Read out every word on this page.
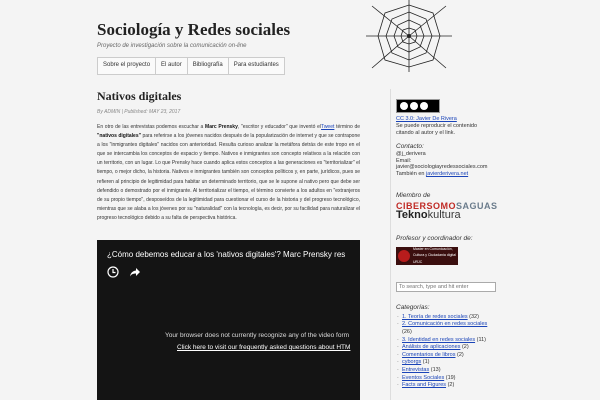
Sociología y Redes sociales
Proyecto de investigación sobre la comunicación on-line
Sobre el proyecto	El autor	Bibliografía	Para estudiantes
Nativos digitales
By ADMIN | Published: MAY 23, 2017
En otro de las entrevistas podemos escuchar a Marc Prensky, "escritor y educador" que inventó elTweet término de "nativos digitales" para referirse a los jóvenes nacidos después de la popularización de internet y que se contrapone a los "inmigrantes digitales" nacidos con anterioridad. Resulta curioso analizar la metáfora detrás de este tropo en el que se intercambia los conceptos de espacio y tiempo. Nativos e inmigrantes son concepto relativos a la relación con un territorio, con un lugar. Lo que Prensky hace cuando aplica estos conceptos a las generaciones es "territorializar" el tiempo, o mejor dicho, la historia. Nativos e inmigrantes también son conceptos políticos y, en parte, jurídicos, pues se refieren al principio de legitimidad para habitar un determinado territorio, que se le supone al nativo pero que debe ser defendido o demostrado por el inmigrante. Al territorializar el tiempo, el término convierte a los adultos en "extranjeros de su propio tiempo", desposeídos de la legitimidad para cuestionar el curso de la historia y del progreso tecnológico, mientras que se alaba a los jóvenes por su "naturalidad" con la tecnología, es decir, por su facilidad para naturalizar el progreso tecnológico debido a su falta de perspectiva histórica.
¿Cómo debemos educar a los 'nativos digitales'? Marc Prensky res
Your browser does not currently recognize any of the video form
Click here to visit our frequently asked questions about HTM
CC 3.0: Javier De Rivera
Se puede reproducir el contenido citando al autor y el link.

Contacto:

@j_derivera
Email:
javier@sociologiayredessociales.com
También en javierderivera.net

Miembro de

CIBERSOMOSAGUAS
Teknokultura

Profesor y coordinador de:

Master en Comunicación, Cultura y Ciudadanía digital URJC
To search, type and hit enter

Categorías:

· 1. Teoría de redes sociales (32)
· 2. Comunicación en redes sociales (26)
· 3. Identidad en redes sociales (11)
· Análisis de aplicaciones (2)
· Comentarios de libros (2)
· cyborgs (1)
· Entrevistas (13)
· Eventos Sociales (19)
· Facts and Figures (2)
